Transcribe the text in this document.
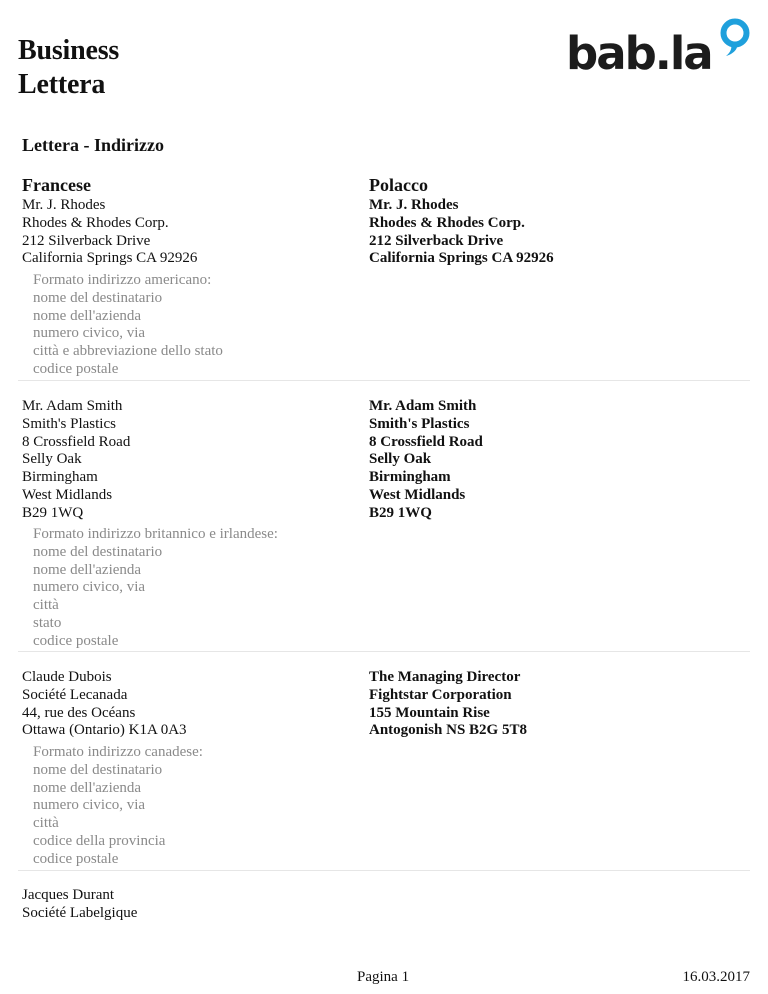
Business
Lettera
bab.la
Lettera - Indirizzo
Francese	Polacco
Mr. J. Rhodes
Rhodes & Rhodes Corp.
212 Silverback Drive
California Springs CA 92926
Mr. J. Rhodes
Rhodes & Rhodes Corp.
212 Silverback Drive
California Springs CA 92926
Formato indirizzo americano:
nome del destinatario
nome dell'azienda
numero civico, via
città e abbreviazione dello stato
codice postale
Mr. Adam Smith
Smith's Plastics
8 Crossfield Road
Selly Oak
Birmingham
West Midlands
B29 1WQ
Mr. Adam Smith
Smith's Plastics
8 Crossfield Road
Selly Oak
Birmingham
West Midlands
B29 1WQ
Formato indirizzo britannico e irlandese:
nome del destinatario
nome dell'azienda
numero civico, via
città
stato
codice postale
Claude Dubois
Société Lecanada
44, rue des Océans
Ottawa (Ontario) K1A 0A3
The Managing Director
Fightstar Corporation
155 Mountain Rise
Antogonish NS B2G 5T8
Formato indirizzo canadese:
nome del destinatario
nome dell'azienda
numero civico, via
città
codice della provincia
codice postale
Jacques Durant
Société Labelgique
Pagina 1	16.03.2017
